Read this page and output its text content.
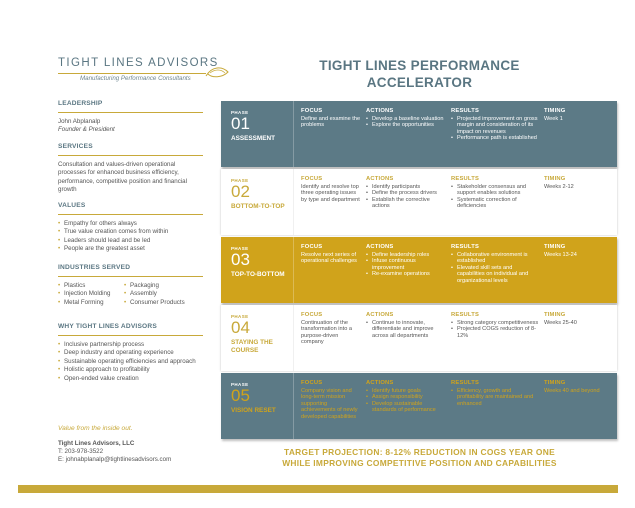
TIGHT LINES ADVISORS
Manufacturing Performance Consultants
TIGHT LINES PERFORMANCE
ACCELERATOR
LEADERSHIP
John Abplanalp
Founder & President
SERVICES
Consultation and values-driven operational processes for enhanced business efficiency, performance, competitive position and financial growth
VALUES
• Empathy for others always
• True value creation comes from within
• Leaders should lead and be led
• People are the greatest asset
INDUSTRIES SERVED
• Plastics
• Injection Molding
• Metal Forming
• Packaging
• Assembly
• Consumer Products
WHY TIGHT LINES ADVISORS
• Inclusive partnership process
• Deep industry and operating experience
• Sustainable operating efficiencies and approach
• Holistic approach to profitability
• Open-ended value creation
Value from the inside out.
Tight Lines Advisors, LLC
T: 203-978-3522
E: johnabplanalp@tightlinesadvisors.com
PHASE
01
ASSESSMENT
FOCUS
Define and examine the problems
ACTIONS
• Develop a baseline valuation
• Explore the opportunities
RESULTS
• Projected improvement on gross margin and consideration of its impact on revenues
• Performance path is established
TIMING
Week 1
PHASE
02
BOTTOM-TO-TOP
FOCUS
Identify and resolve top three operating issues by type and department
ACTIONS
• Identify participants
• Define the process drivers
• Establish the corrective actions
RESULTS
• Stakeholder consensus and support enables solutions
• Systematic correction of deficiencies
TIMING
Weeks 2-12
PHASE
03
TOP-TO-BOTTOM
FOCUS
Resolve next series of operational challenges
ACTIONS
• Define leadership roles
• Infuse continuous improvement
• Re-examine operations
RESULTS
• Collaborative environment is established
• Elevated skill sets and capabilities on individual and organizational levels
TIMING
Weeks 13-24
PHASE
04
STAYING THE COURSE
FOCUS
Continuation of the transformation into a purpose-driven company
ACTIONS
• Continue to innovate, differentiate and improve across all departments
RESULTS
• Strong category competitiveness
• Projected COGS reduction of 8-12%
TIMING
Weeks 25-40
PHASE
05
VISION RESET
FOCUS
Company vision and long-term mission supporting achievements of newly developed capabilities
ACTIONS
• Identify future goals
• Assign responsibility
• Develop sustainable standards of performance
RESULTS
• Efficiency, growth and profitability are maintained and enhanced
TIMING
Weeks 40 and beyond
TARGET PROJECTION: 8-12% REDUCTION IN COGS YEAR ONE
WHILE IMPROVING COMPETITIVE POSITION AND CAPABILITIES
